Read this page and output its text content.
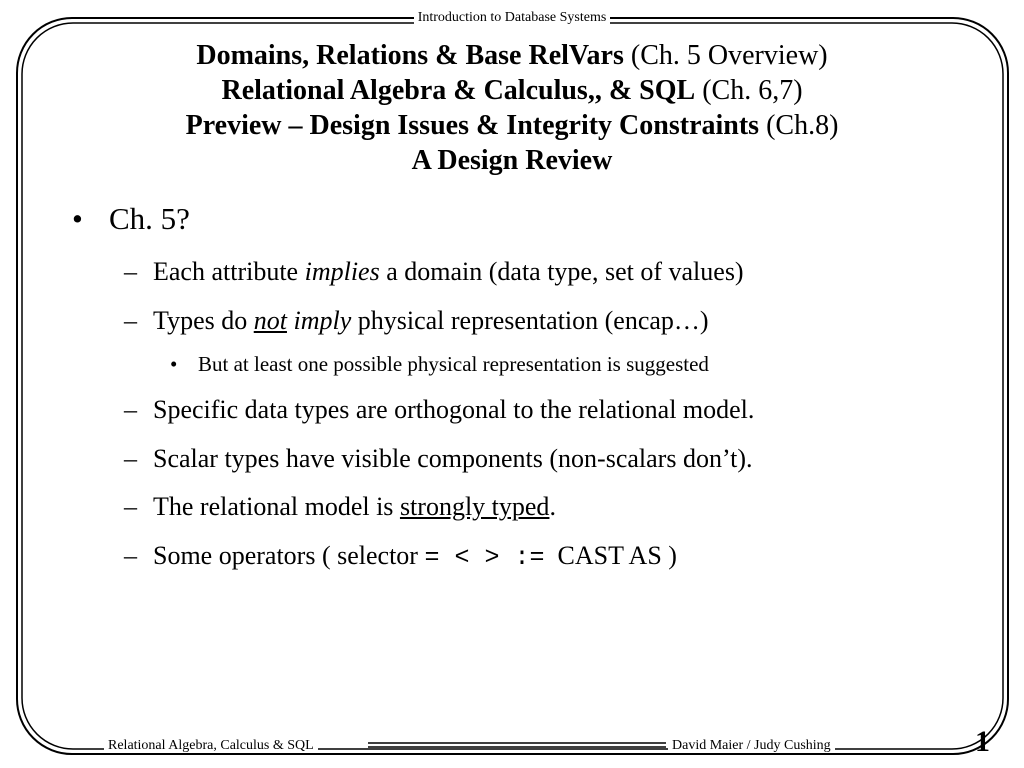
Introduction to Database Systems
Domains, Relations & Base RelVars (Ch. 5 Overview)
Relational Algebra & Calculus,, & SQL (Ch. 6,7)
Preview – Design Issues & Integrity Constraints (Ch.8)
A Design Review
• Ch. 5?
– Each attribute implies a domain (data type, set of values)
– Types do not imply physical representation (encap…)
• But at least one possible physical representation is suggested
– Specific data types are orthogonal to the relational model.
– Scalar types have visible components (non-scalars don’t).
– The relational model is strongly typed.
– Some operators ( selector = < > :=  CAST AS )
Relational Algebra, Calculus & SQL	David Maier / Judy Cushing	1
